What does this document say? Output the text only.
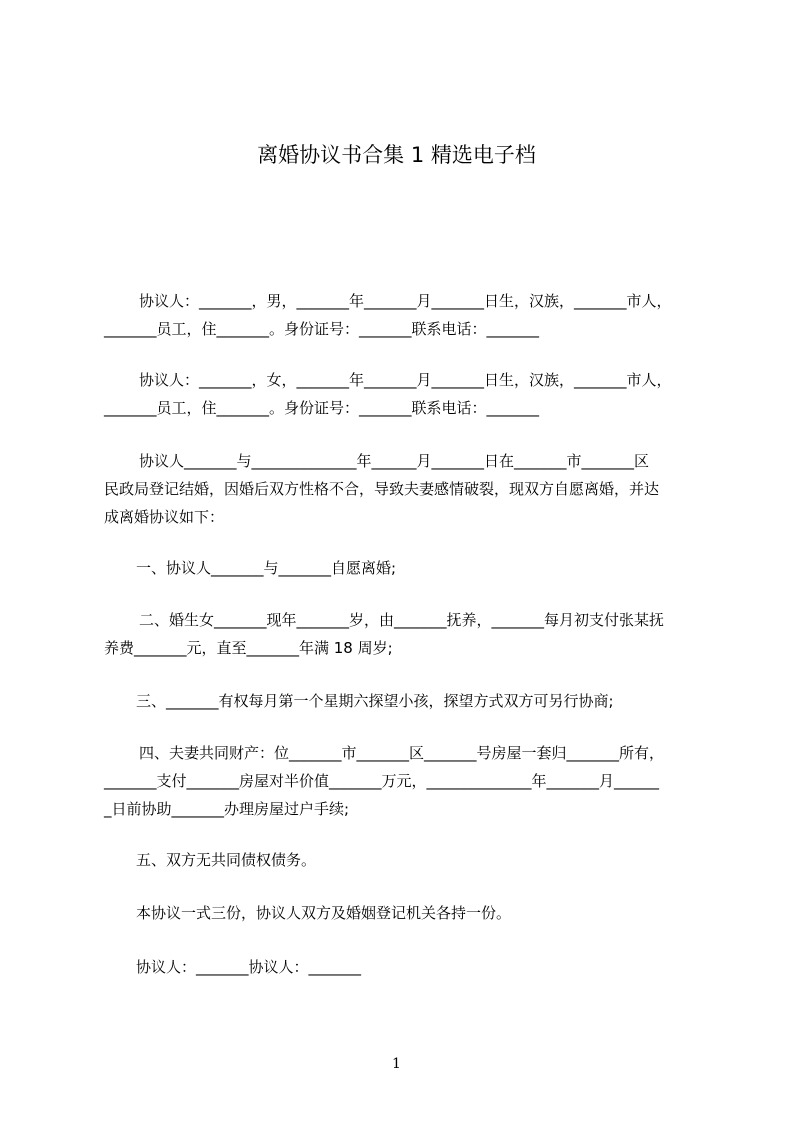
离婚协议书合集 1 精选电子档

协议人：_______，男，_______年_______月_______日生，汉族，_______市人，

_______员工，住_______。身份证号：_______联系电话：_______

协议人：_______，女，_______年_______月_______日生，汉族，_______市人，

_______员工，住_______。身份证号：_______联系电话：_______

协议人_______与______________年______月_______日在_______市_______区

民政局登记结婚，因婚后双方性格不合，导致夫妻感情破裂，现双方自愿离婚，并达

成离婚协议如下：

一、协议人_______与_______自愿离婚;

二、婚生女_______现年_______岁，由_______抚养，_______每月初支付张某抚

养费_______元，直至_______年满 18 周岁;

三、_______有权每月第一个星期六探望小孩，探望方式双方可另行协商;

四、夫妻共同财产：位_______市_______区_______号房屋一套归_______所有，

_______支付_______房屋对半价值_______万元，______________年_______月______

_日前协助_______办理房屋过户手续;

五、双方无共同债权债务。

本协议一式三份，协议人双方及婚姻登记机关各持一份。

协议人：_______协议人：_______

1
